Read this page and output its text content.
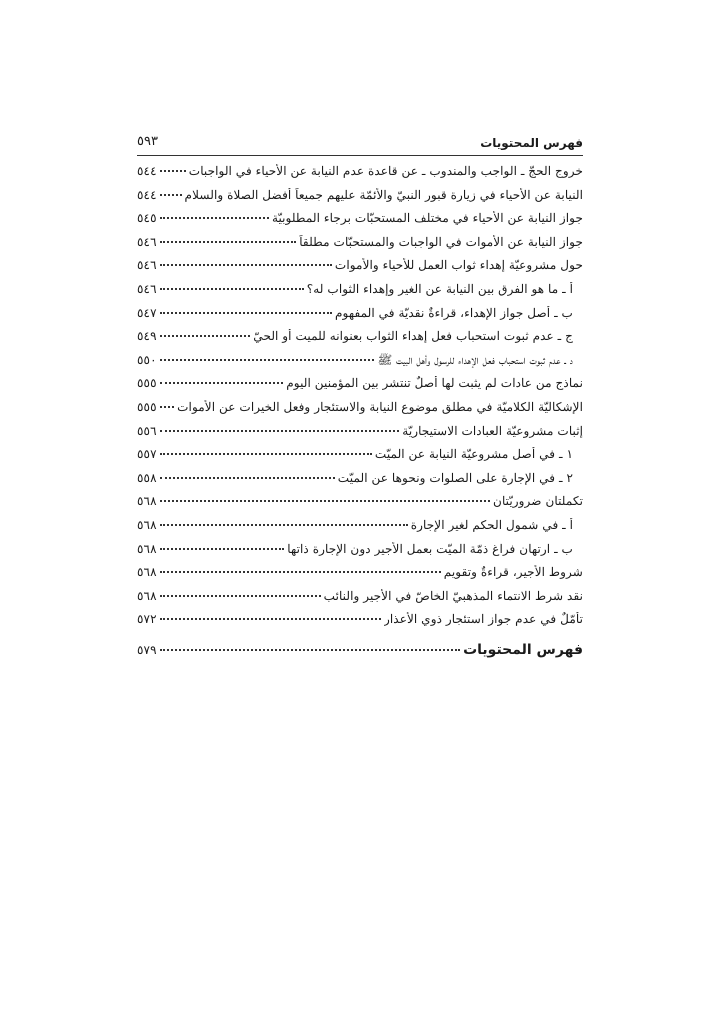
فهرس المحتويات
٥٩٣
خروج الحجّ ـ الواجب والمندوب ـ عن قاعدة عدم النيابة عن الأحياء في الواجبات
٥٤٤
النيابة عن الأحياء في زيارة قبور النبيّ والأئمّة عليهم جميعاً أفضل الصلاة والسلام
٥٤٤
جواز النيابة عن الأحياء في مختلف المستحبّات برجاء المطلوبيّة
٥٤٥
جواز النيابة عن الأموات في الواجبات والمستحبّات مطلقاً
٥٤٦
حول مشروعيّة إهداء ثواب العمل للأحياء والأموات
٥٤٦
أ ـ ما هو الفرق بين النيابة عن الغير وإهداء الثواب له؟
٥٤٦
ب ـ أصل جواز الإهداء، قراءةٌ نقديّة في المفهوم
٥٤٧
ج ـ عدم ثبوت استحباب فعل إهداء الثواب بعنوانه للميت أو الحيّ
٥٤٩
د ـ عدم ثبوت استحباب فعل الإهداء للرسول وأهل البيت ﷺ
٥٥٠
نماذج من عادات لم يثبت لها أصلٌ تنتشر بين المؤمنين اليوم
٥٥٥
الإشكاليّة الكلاميّة في مطلق موضوع النيابة والاستئجار وفعل الخيرات عن الأموات
٥٥٥
إثبات مشروعيّة العبادات الاستيجاريّة
٥٥٦
١ ـ في أصل مشروعيّة النيابة عن الميّت
٥٥٧
٢ ـ في الإجارة على الصلوات ونحوها عن الميّت
٥٥٨
تكملتان ضروريّتان
٥٦٨
أ ـ في شمول الحكم لغير الإجارة
٥٦٨
ب ـ ارتهان فراغ ذمّة الميّت بعمل الأجير دون الإجارة ذاتها
٥٦٨
شروط الأجير، قراءةٌ وتقويم
٥٦٨
نقد شرط الانتماء المذهبيّ الخاصّ في الأجير والنائب
٥٦٨
تأمّلٌ في عدم جواز استئجار ذوي الأعذار
٥٧٢
فهرس المحتويات
٥٧٩
